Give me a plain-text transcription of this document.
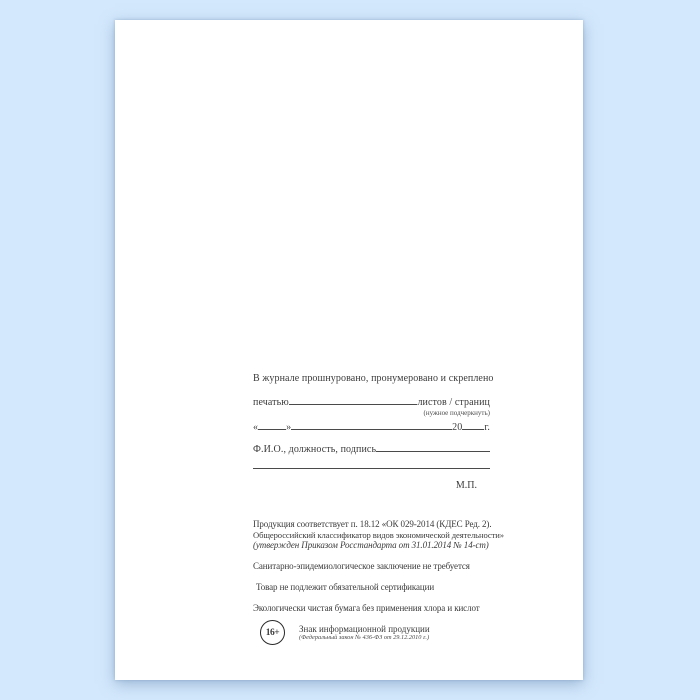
В журнале прошнуровано, пронумеровано и скреплено
печатью	листов / страниц
(нужное подчеркнуть)
«	»	20 г.
Ф.И.О., должность, подпись
М.П.
Продукция соответствует п. 18.12 «ОК 029-2014 (КДЕС Ред. 2).
Общероссийский классификатор видов экономической деятельности»
(утвержден Приказом Росстандарта от 31.01.2014 № 14-ст)
Санитарно-эпидемиологическое заключение не требуется
Товар не подлежит обязательной сертификации
Экологически чистая бумага без применения хлора и кислот
16+	Знак информационной продукции
(Федеральный закон № 436-ФЗ от 29.12.2010 г.)
